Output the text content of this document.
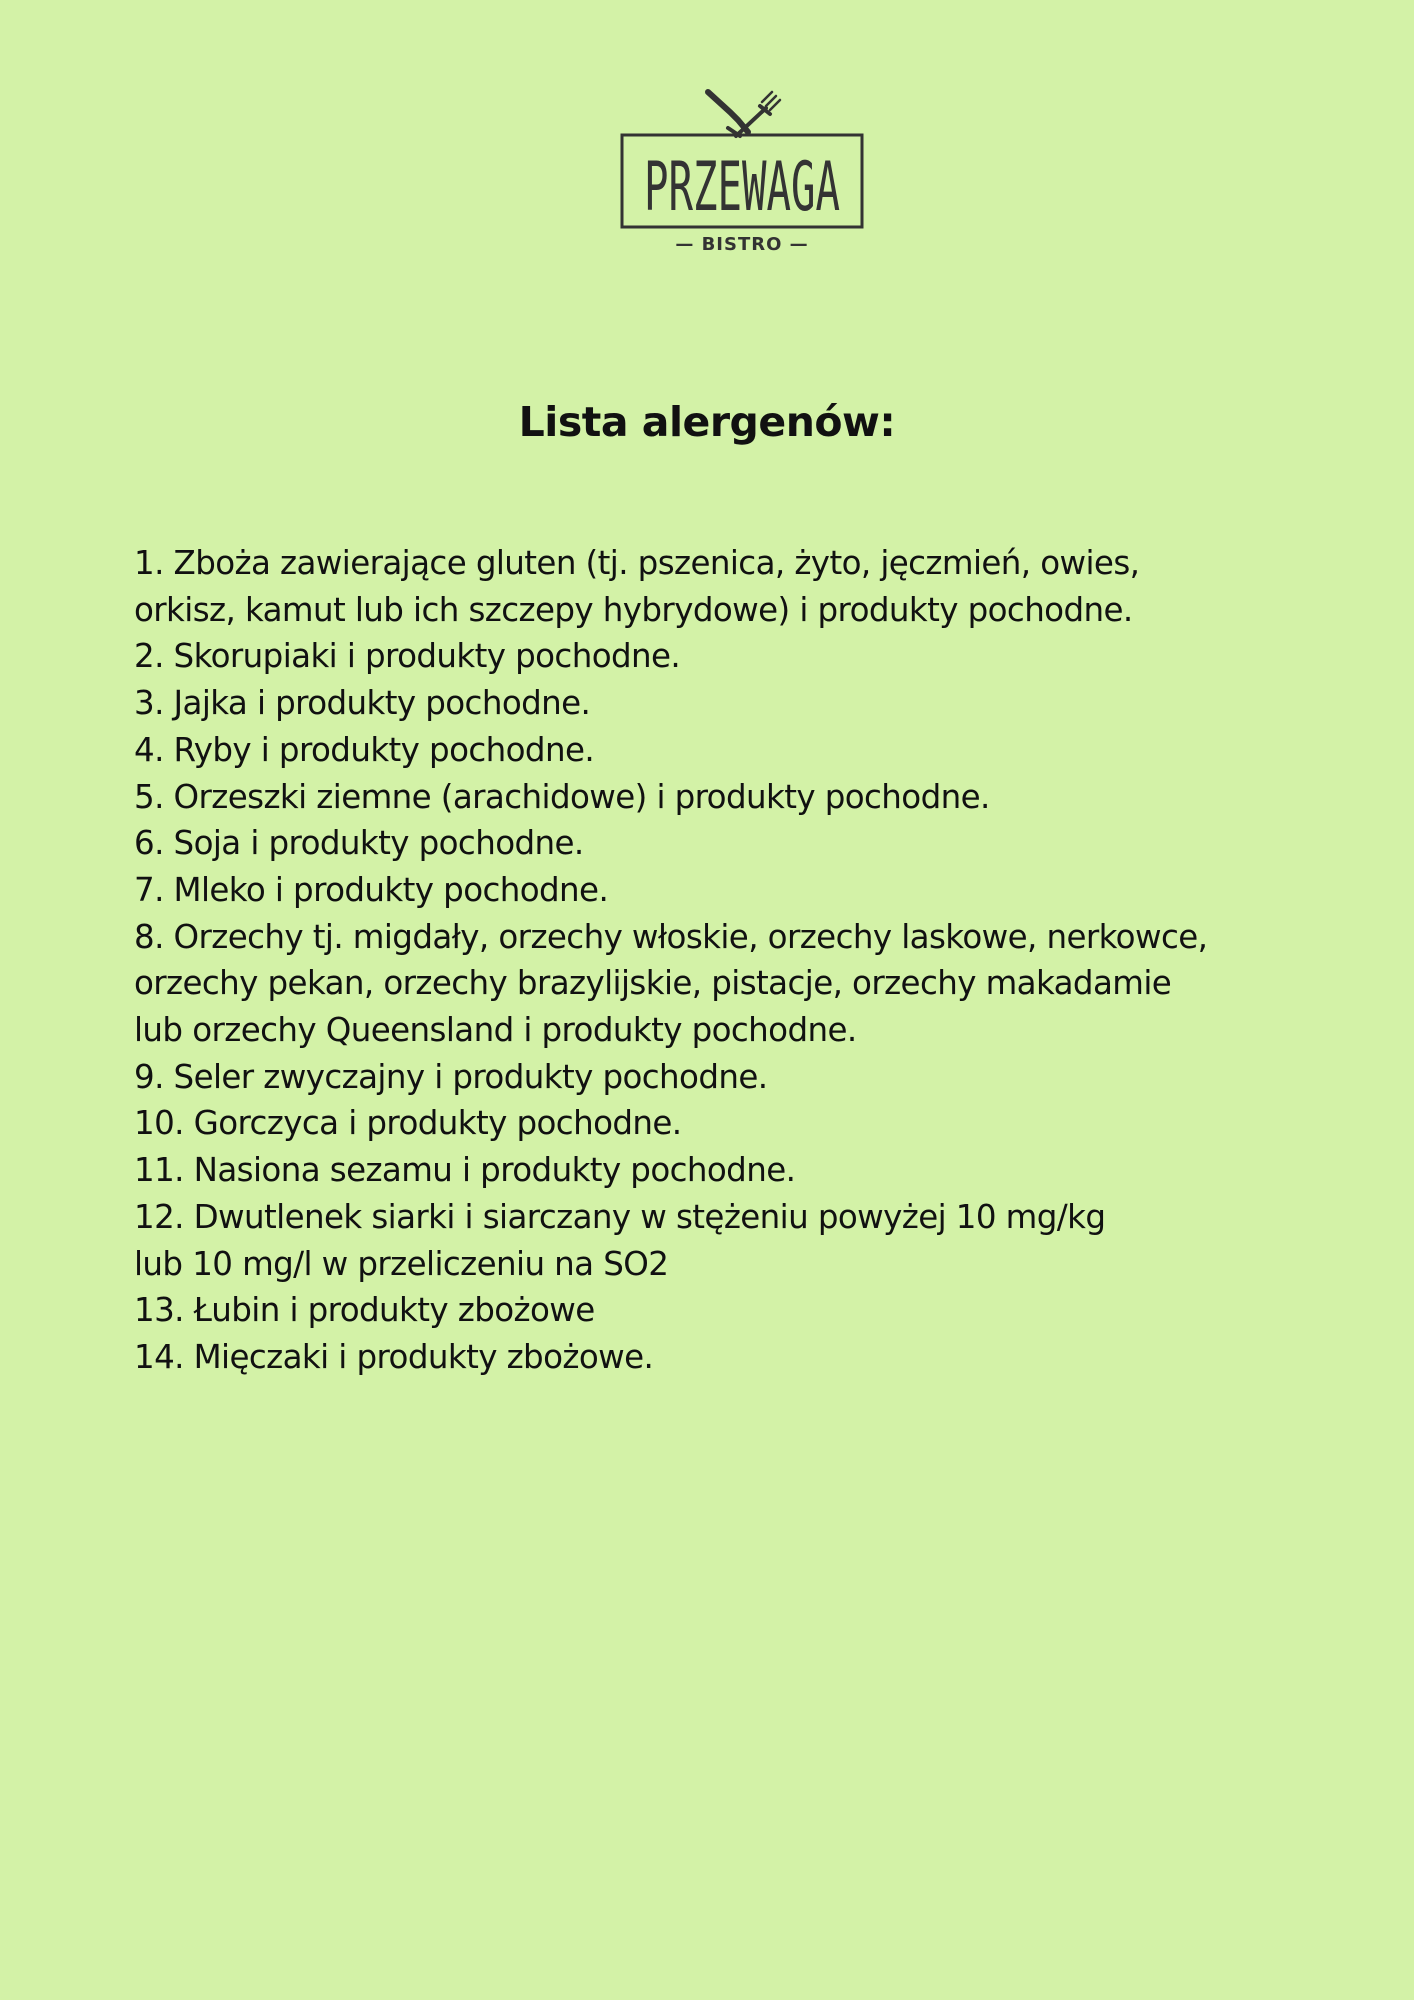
PRZEWAGA
— BISTRO —
Lista alergenów:
1. Zboża zawierające gluten (tj. pszenica, żyto, jęczmień, owies,
orkisz, kamut lub ich szczepy hybrydowe) i produkty pochodne.
2. Skorupiaki i produkty pochodne.
3. Jajka i produkty pochodne.
4. Ryby i produkty pochodne.
5. Orzeszki ziemne (arachidowe) i produkty pochodne.
6. Soja i produkty pochodne.
7. Mleko i produkty pochodne.
8. Orzechy tj. migdały, orzechy włoskie, orzechy laskowe, nerkowce,
orzechy pekan, orzechy brazylijskie, pistacje, orzechy makadamie
lub orzechy Queensland i produkty pochodne.
9. Seler zwyczajny i produkty pochodne.
10. Gorczyca i produkty pochodne.
11. Nasiona sezamu i produkty pochodne.
12. Dwutlenek siarki i siarczany w stężeniu powyżej 10 mg/kg
lub 10 mg/l w przeliczeniu na SO2
13. Łubin i produkty zbożowe
14. Mięczaki i produkty zbożowe.
